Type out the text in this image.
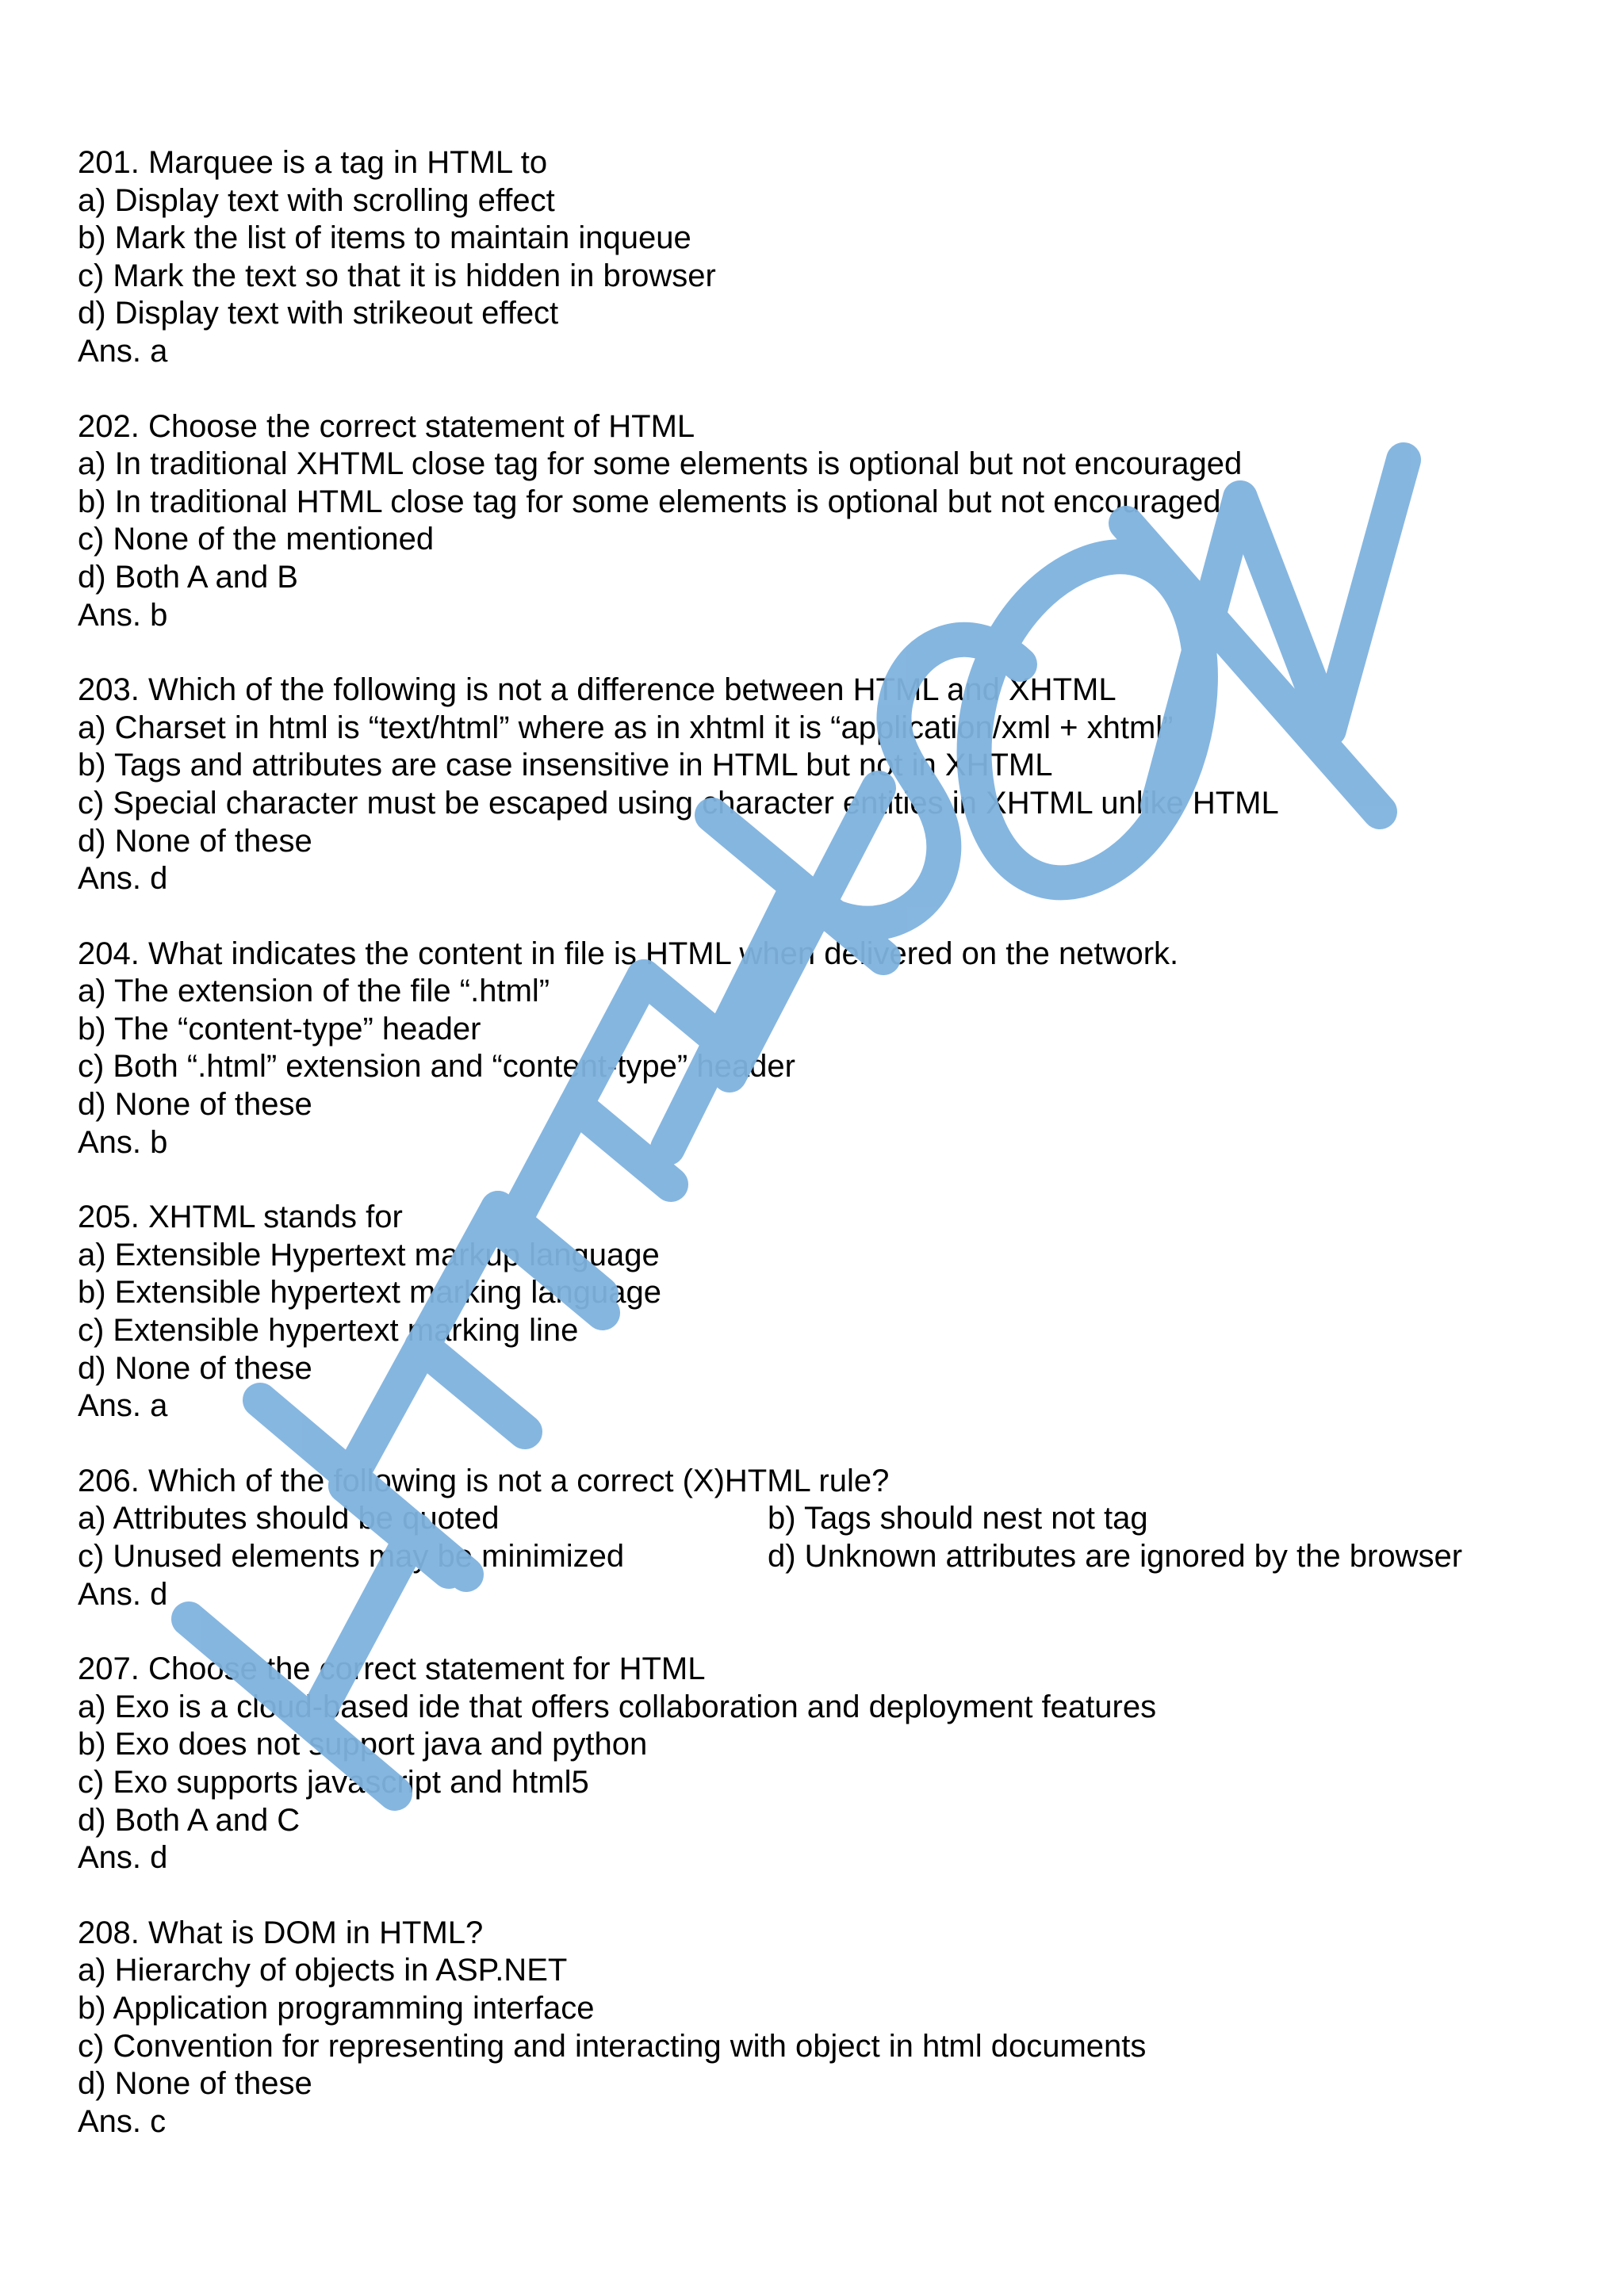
201. Marquee is a tag in HTML to
a) Display text with scrolling effect
b) Mark the list of items to maintain inqueue
c) Mark the text so that it is hidden in browser
d) Display text with strikeout effect
Ans. a
202. Choose the correct statement of HTML
a) In traditional XHTML close tag for some elements is optional but not encouraged
b) In traditional HTML close tag for some elements is optional but not encouraged
c) None of the mentioned
d) Both A and B
Ans. b
203. Which of the following is not a difference between HTML and XHTML
a) Charset in html is “text/html” where as in xhtml it is “application/xml + xhtml”
b) Tags and attributes are case insensitive in HTML but not in XHTML
c) Special character must be escaped using character entities in XHTML unlike HTML
d) None of these
Ans. d
204. What indicates the content in file is HTML when delivered on the network.
a) The extension of the file “.html”
b) The “content-type” header
c) Both “.html” extension and “content-type” header
d) None of these
Ans. b
205. XHTML stands for
a) Extensible Hypertext markup language
b) Extensible hypertext marking language
c) Extensible hypertext marking line
d) None of these
Ans. a
206. Which of the following is not a correct (X)HTML rule?
a) Attributes should be quoted	b) Tags should nest not tag
c) Unused elements may be minimized	d) Unknown attributes are ignored by the browser
Ans. d
207. Choose the correct statement for HTML
a) Exo is a cloud-based ide that offers collaboration and deployment features
b) Exo does not support java and python
c) Exo supports javascript and html5
d) Both A and C
Ans. d
208. What is DOM in HTML?
a) Hierarchy of objects in ASP.NET
b) Application programming interface
c) Convention for representing and interacting with object in html documents
d) None of these
Ans. c
